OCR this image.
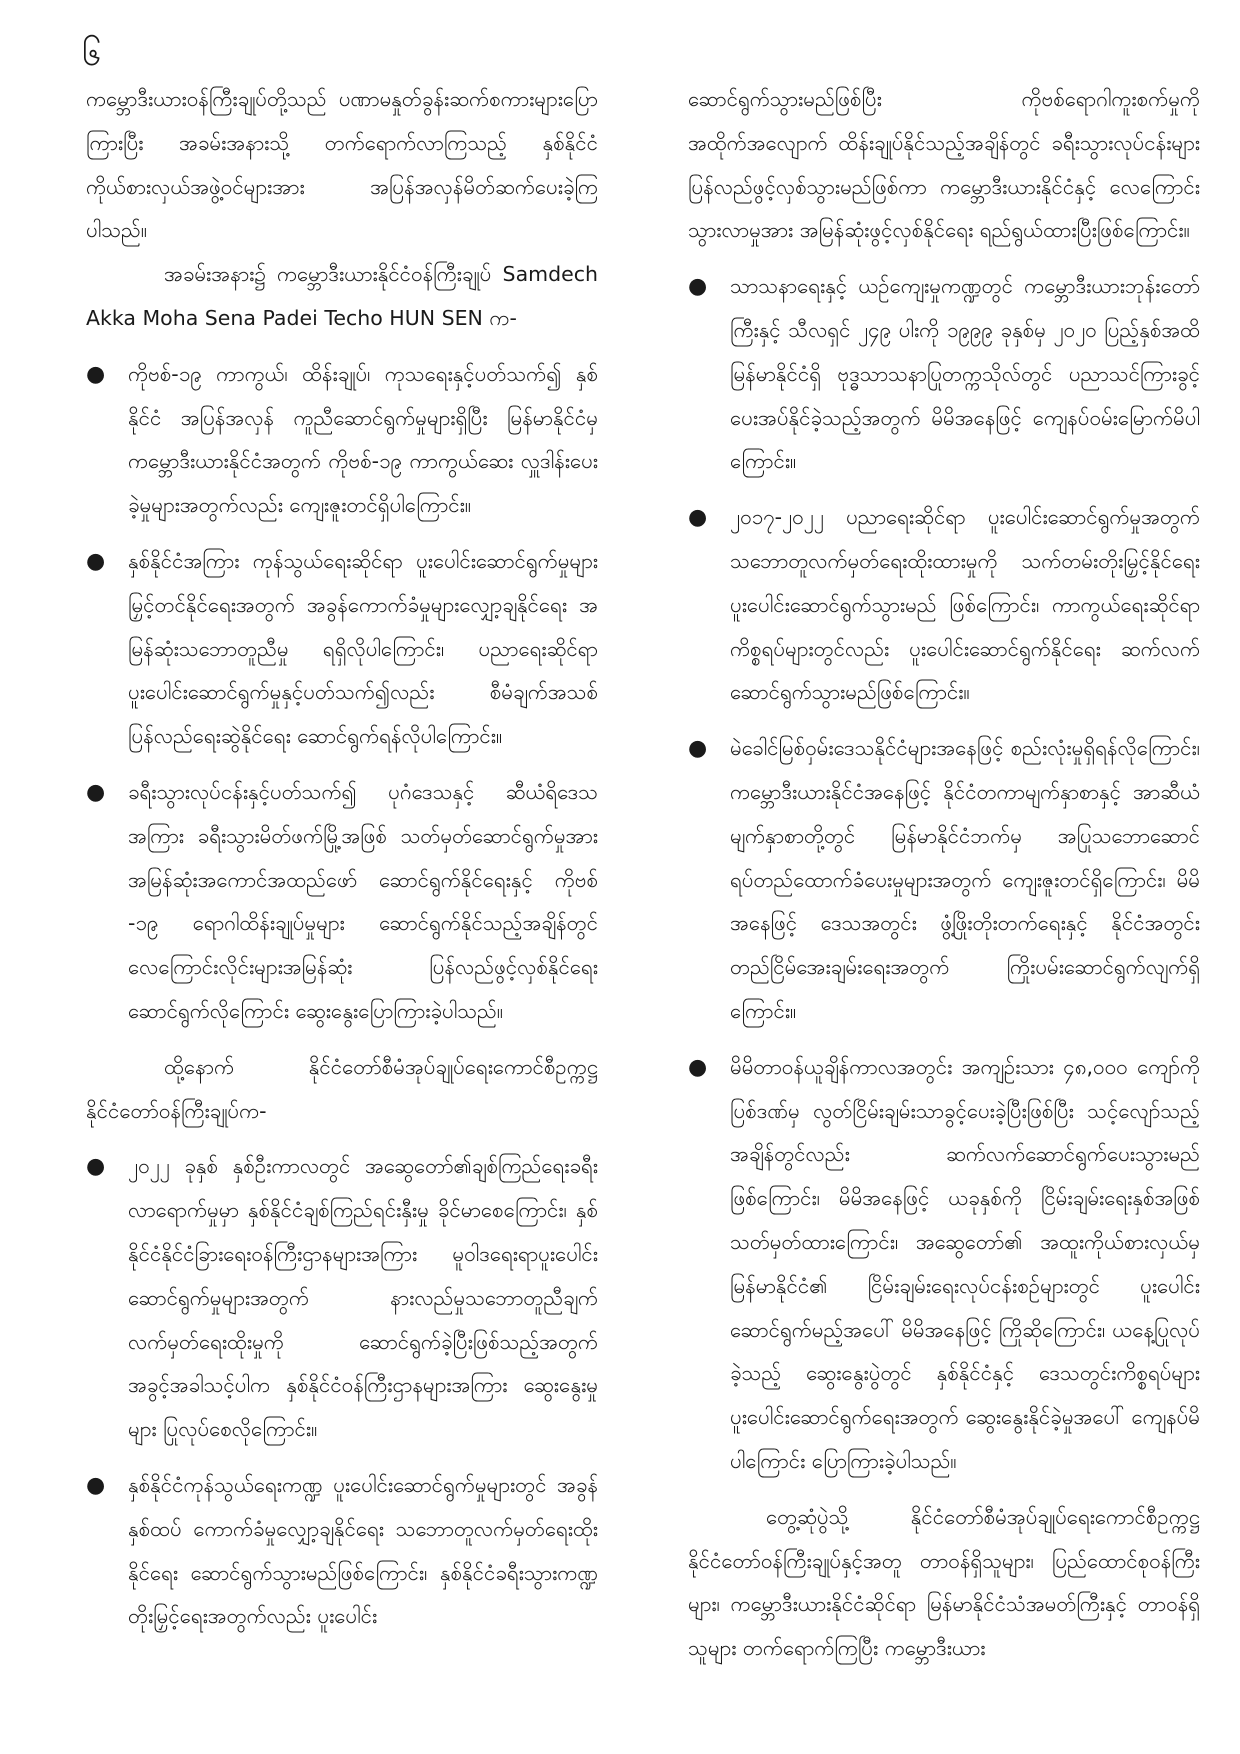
၆

ကမ္ဘောဒီးယားဝန်ကြီးချုပ်တို့သည် ပဏာမနှုတ်ခွန်းဆက်စကားများပြောကြားပြီး အခမ်းအနားသို့ တက်ရောက်လာကြသည့် နှစ်နိုင်ငံကိုယ်စားလှယ်အဖွဲ့ဝင်များအား အပြန်အလှန်မိတ်ဆက်ပေးခဲ့ကြပါသည်။

အခမ်းအနား၌ ကမ္ဘောဒီးယားနိုင်ငံဝန်ကြီးချုပ် Samdech Akka Moha Sena Padei Techo HUN SEN က-

● ကိုဗစ်-၁၉ ကာကွယ်၊ ထိန်းချုပ်၊ ကုသရေးနှင့်ပတ်သက်၍ နှစ်နိုင်ငံ အပြန်အလှန် ကူညီဆောင်ရွက်မှုများရှိပြီး မြန်မာနိုင်ငံမှ ကမ္ဘောဒီးယားနိုင်ငံအတွက် ကိုဗစ်-၁၉ ကာကွယ်ဆေး လှူဒါန်းပေးခဲ့မှုများအတွက်လည်း ကျေးဇူးတင်ရှိပါကြောင်း။
● နှစ်နိုင်ငံအကြား ကုန်သွယ်ရေးဆိုင်ရာ ပူးပေါင်းဆောင်ရွက်မှုများ မြှင့်တင်နိုင်ရေးအတွက် အခွန်ကောက်ခံမှုများလျှော့ချနိုင်ရေး အမြန်ဆုံးသဘောတူညီမှု ရရှိလိုပါကြောင်း၊ ပညာရေးဆိုင်ရာ ပူးပေါင်းဆောင်ရွက်မှုနှင့်ပတ်သက်၍လည်း စီမံချက်အသစ် ပြန်လည်ရေးဆွဲနိုင်ရေး ဆောင်ရွက်ရန်လိုပါကြောင်း။
● ခရီးသွားလုပ်ငန်းနှင့်ပတ်သက်၍ ပုဂံဒေသနှင့် ဆီယံရိဒေသအကြား ခရီးသွားမိတ်ဖက်မြို့အဖြစ် သတ်မှတ်ဆောင်ရွက်မှုအား အမြန်ဆုံးအကောင်အထည်ဖော် ဆောင်ရွက်နိုင်ရေးနှင့် ကိုဗစ် -၁၉ ရောဂါထိန်းချုပ်မှုများ ဆောင်ရွက်နိုင်သည့်အချိန်တွင် လေကြောင်းလိုင်းများအမြန်ဆုံး ပြန်လည်ဖွင့်လှစ်နိုင်ရေး ဆောင်ရွက်လိုကြောင်း ဆွေးနွေးပြောကြားခဲ့ပါသည်။

ထို့နောက် နိုင်ငံတော်စီမံအုပ်ချုပ်ရေးကောင်စီဥက္ကဋ္ဌ နိုင်ငံတော်ဝန်ကြီးချုပ်က-

● ၂၀၂၂ ခုနှစ် နှစ်ဦးကာလတွင် အဆွေတော်၏ချစ်ကြည်ရေးခရီးလာရောက်မှုမှာ နှစ်နိုင်ငံချစ်ကြည်ရင်းနှီးမှု ခိုင်မာစေကြောင်း၊ နှစ်နိုင်ငံနိုင်ငံခြားရေးဝန်ကြီးဌာနများအကြား မူဝါဒရေးရာပူးပေါင်းဆောင်ရွက်မှုများအတွက် နားလည်မှုသဘောတူညီချက် လက်မှတ်ရေးထိုးမှုကို ဆောင်ရွက်ခဲ့ပြီးဖြစ်သည့်အတွက် အခွင့်အခါသင့်ပါက နှစ်နိုင်ငံဝန်ကြီးဌာနများအကြား ဆွေးနွေးမှုများ ပြုလုပ်စေလိုကြောင်း။
● နှစ်နိုင်ငံကုန်သွယ်ရေးကဏ္ဍ ပူးပေါင်းဆောင်ရွက်မှုများတွင် အခွန်နှစ်ထပ် ကောက်ခံမှုလျှော့ချနိုင်ရေး သဘောတူလက်မှတ်ရေးထိုးနိုင်ရေး ဆောင်ရွက်သွားမည်ဖြစ်ကြောင်း၊ နှစ်နိုင်ငံခရီးသွားကဏ္ဍတိုးမြှင့်ရေးအတွက်လည်း ပူးပေါင်း

ဆောင်ရွက်သွားမည်ဖြစ်ပြီး ကိုဗစ်ရောဂါကူးစက်မှုကို အထိုက်အလျောက် ထိန်းချုပ်နိုင်သည့်အချိန်တွင် ခရီးသွားလုပ်ငန်းများ ပြန်လည်ဖွင့်လှစ်သွားမည်ဖြစ်ကာ ကမ္ဘောဒီးယားနိုင်ငံနှင့် လေကြောင်းသွားလာမှုအား အမြန်ဆုံးဖွင့်လှစ်နိုင်ရေး ရည်ရွယ်ထားပြီးဖြစ်ကြောင်း။

● သာသနာရေးနှင့် ယဉ်ကျေးမှုကဏ္ဍတွင် ကမ္ဘောဒီးယားဘုန်းတော်ကြီးနှင့် သီလရှင် ၂၄၉ ပါးကို ၁၉၉၉ ခုနှစ်မှ ၂၀၂၀ ပြည့်နှစ်အထိ မြန်မာနိုင်ငံရှိ ဗုဒ္ဓသာသနာပြုတက္ကသိုလ်တွင် ပညာသင်ကြားခွင့်ပေးအပ်နိုင်ခဲ့သည့်အတွက် မိမိအနေဖြင့် ကျေနပ်ဝမ်းမြောက်မိပါကြောင်း။
● ၂၀၁၇-၂၀၂၂ ပညာရေးဆိုင်ရာ ပူးပေါင်းဆောင်ရွက်မှုအတွက် သဘောတူလက်မှတ်ရေးထိုးထားမှုကို သက်တမ်းတိုးမြှင့်နိုင်ရေး ပူးပေါင်းဆောင်ရွက်သွားမည် ဖြစ်ကြောင်း၊ ကာကွယ်ရေးဆိုင်ရာကိစ္စရပ်များတွင်လည်း ပူးပေါင်းဆောင်ရွက်နိုင်ရေး ဆက်လက်ဆောင်ရွက်သွားမည်ဖြစ်ကြောင်း။
● မဲခေါင်မြစ်ဝှမ်းဒေသနိုင်ငံများအနေဖြင့် စည်းလုံးမှုရှိရန်လိုကြောင်း၊ ကမ္ဘောဒီးယားနိုင်ငံအနေဖြင့် နိုင်ငံတကာမျက်နှာစာနှင့် အာဆီယံမျက်နှာစာတို့တွင် မြန်မာနိုင်ငံဘက်မှ အပြုသဘောဆောင် ရပ်တည်ထောက်ခံပေးမှုများအတွက် ကျေးဇူးတင်ရှိကြောင်း၊ မိမိအနေဖြင့် ဒေသအတွင်း ဖွံ့ဖြိုးတိုးတက်ရေးနှင့် နိုင်ငံအတွင်း တည်ငြိမ်အေးချမ်းရေးအတွက် ကြိုးပမ်းဆောင်ရွက်လျက်ရှိကြောင်း။
● မိမိတာဝန်ယူချိန်ကာလအတွင်း အကျဉ်းသား ၄၈,၀၀၀ ကျော်ကို ပြစ်ဒဏ်မှ လွတ်ငြိမ်းချမ်းသာခွင့်ပေးခဲ့ပြီးဖြစ်ပြီး သင့်လျော်သည့်အချိန်တွင်လည်း ဆက်လက်ဆောင်ရွက်ပေးသွားမည်ဖြစ်ကြောင်း၊ မိမိအနေဖြင့် ယခုနှစ်ကို ငြိမ်းချမ်းရေးနှစ်အဖြစ် သတ်မှတ်ထားကြောင်း၊ အဆွေတော်၏ အထူးကိုယ်စားလှယ်မှ မြန်မာနိုင်ငံ၏ ငြိမ်းချမ်းရေးလုပ်ငန်းစဉ်များတွင် ပူးပေါင်းဆောင်ရွက်မည့်အပေါ် မိမိအနေဖြင့် ကြိုဆိုကြောင်း၊ ယနေ့ပြုလုပ်ခဲ့သည့် ဆွေးနွေးပွဲတွင် နှစ်နိုင်ငံနှင့် ဒေသတွင်းကိစ္စရပ်များ ပူးပေါင်းဆောင်ရွက်ရေးအတွက် ဆွေးနွေးနိုင်ခဲ့မှုအပေါ် ကျေနပ်မိပါကြောင်း ပြောကြားခဲ့ပါသည်။

တွေ့ဆုံပွဲသို့ နိုင်ငံတော်စီမံအုပ်ချုပ်ရေးကောင်စီဥက္ကဋ္ဌ နိုင်ငံတော်ဝန်ကြီးချုပ်နှင့်အတူ တာဝန်ရှိသူများ၊ ပြည်ထောင်စုဝန်ကြီးများ၊ ကမ္ဘောဒီးယားနိုင်ငံဆိုင်ရာ မြန်မာနိုင်ငံသံအမတ်ကြီးနှင့် တာဝန်ရှိသူများ တက်ရောက်ကြပြီး ကမ္ဘောဒီးယား
